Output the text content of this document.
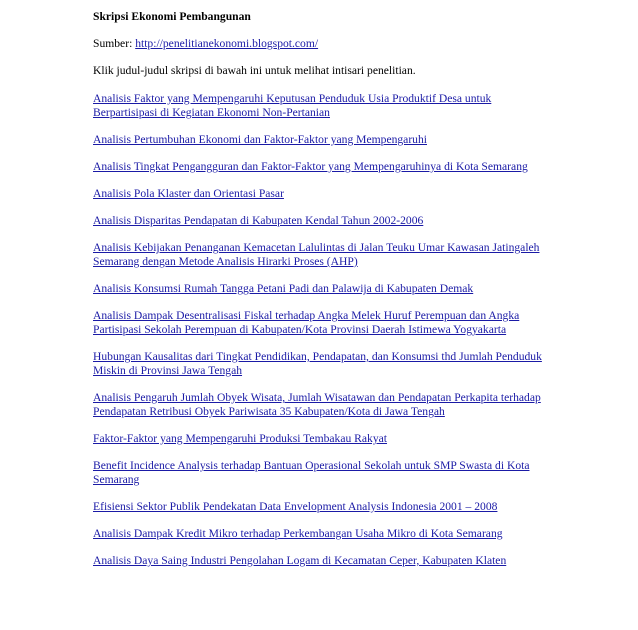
Skripsi Ekonomi Pembangunan
Sumber: http://penelitianekonomi.blogspot.com/
Klik judul-judul skripsi di bawah ini untuk melihat intisari penelitian.
Analisis Faktor yang Mempengaruhi Keputusan Penduduk Usia Produktif Desa untuk Berpartisipasi di Kegiatan Ekonomi Non-Pertanian
Analisis Pertumbuhan Ekonomi dan Faktor-Faktor yang Mempengaruhi
Analisis Tingkat Pengangguran dan Faktor-Faktor yang Mempengaruhinya di Kota Semarang
Analisis Pola Klaster dan Orientasi Pasar
Analisis Disparitas Pendapatan di Kabupaten Kendal Tahun 2002-2006
Analisis Kebijakan Penanganan Kemacetan Lalulintas di Jalan Teuku Umar Kawasan Jatingaleh Semarang dengan Metode Analisis Hirarki Proses (AHP)
Analisis Konsumsi Rumah Tangga Petani Padi dan Palawija di Kabupaten Demak
Analisis Dampak Desentralisasi Fiskal terhadap Angka Melek Huruf Perempuan dan Angka Partisipasi Sekolah Perempuan di Kabupaten/Kota Provinsi Daerah Istimewa Yogyakarta
Hubungan Kausalitas dari Tingkat Pendidikan, Pendapatan, dan Konsumsi thd Jumlah Penduduk Miskin di Provinsi Jawa Tengah
Analisis Pengaruh Jumlah Obyek Wisata, Jumlah Wisatawan dan Pendapatan Perkapita terhadap Pendapatan Retribusi Obyek Pariwisata 35 Kabupaten/Kota di Jawa Tengah
Faktor-Faktor yang Mempengaruhi Produksi Tembakau Rakyat
Benefit Incidence Analysis terhadap Bantuan Operasional Sekolah untuk SMP Swasta di Kota Semarang
Efisiensi Sektor Publik Pendekatan Data Envelopment Analysis Indonesia 2001 – 2008
Analisis Dampak Kredit Mikro terhadap Perkembangan Usaha Mikro di Kota Semarang
Analisis Daya Saing Industri Pengolahan Logam di Kecamatan Ceper, Kabupaten Klaten
